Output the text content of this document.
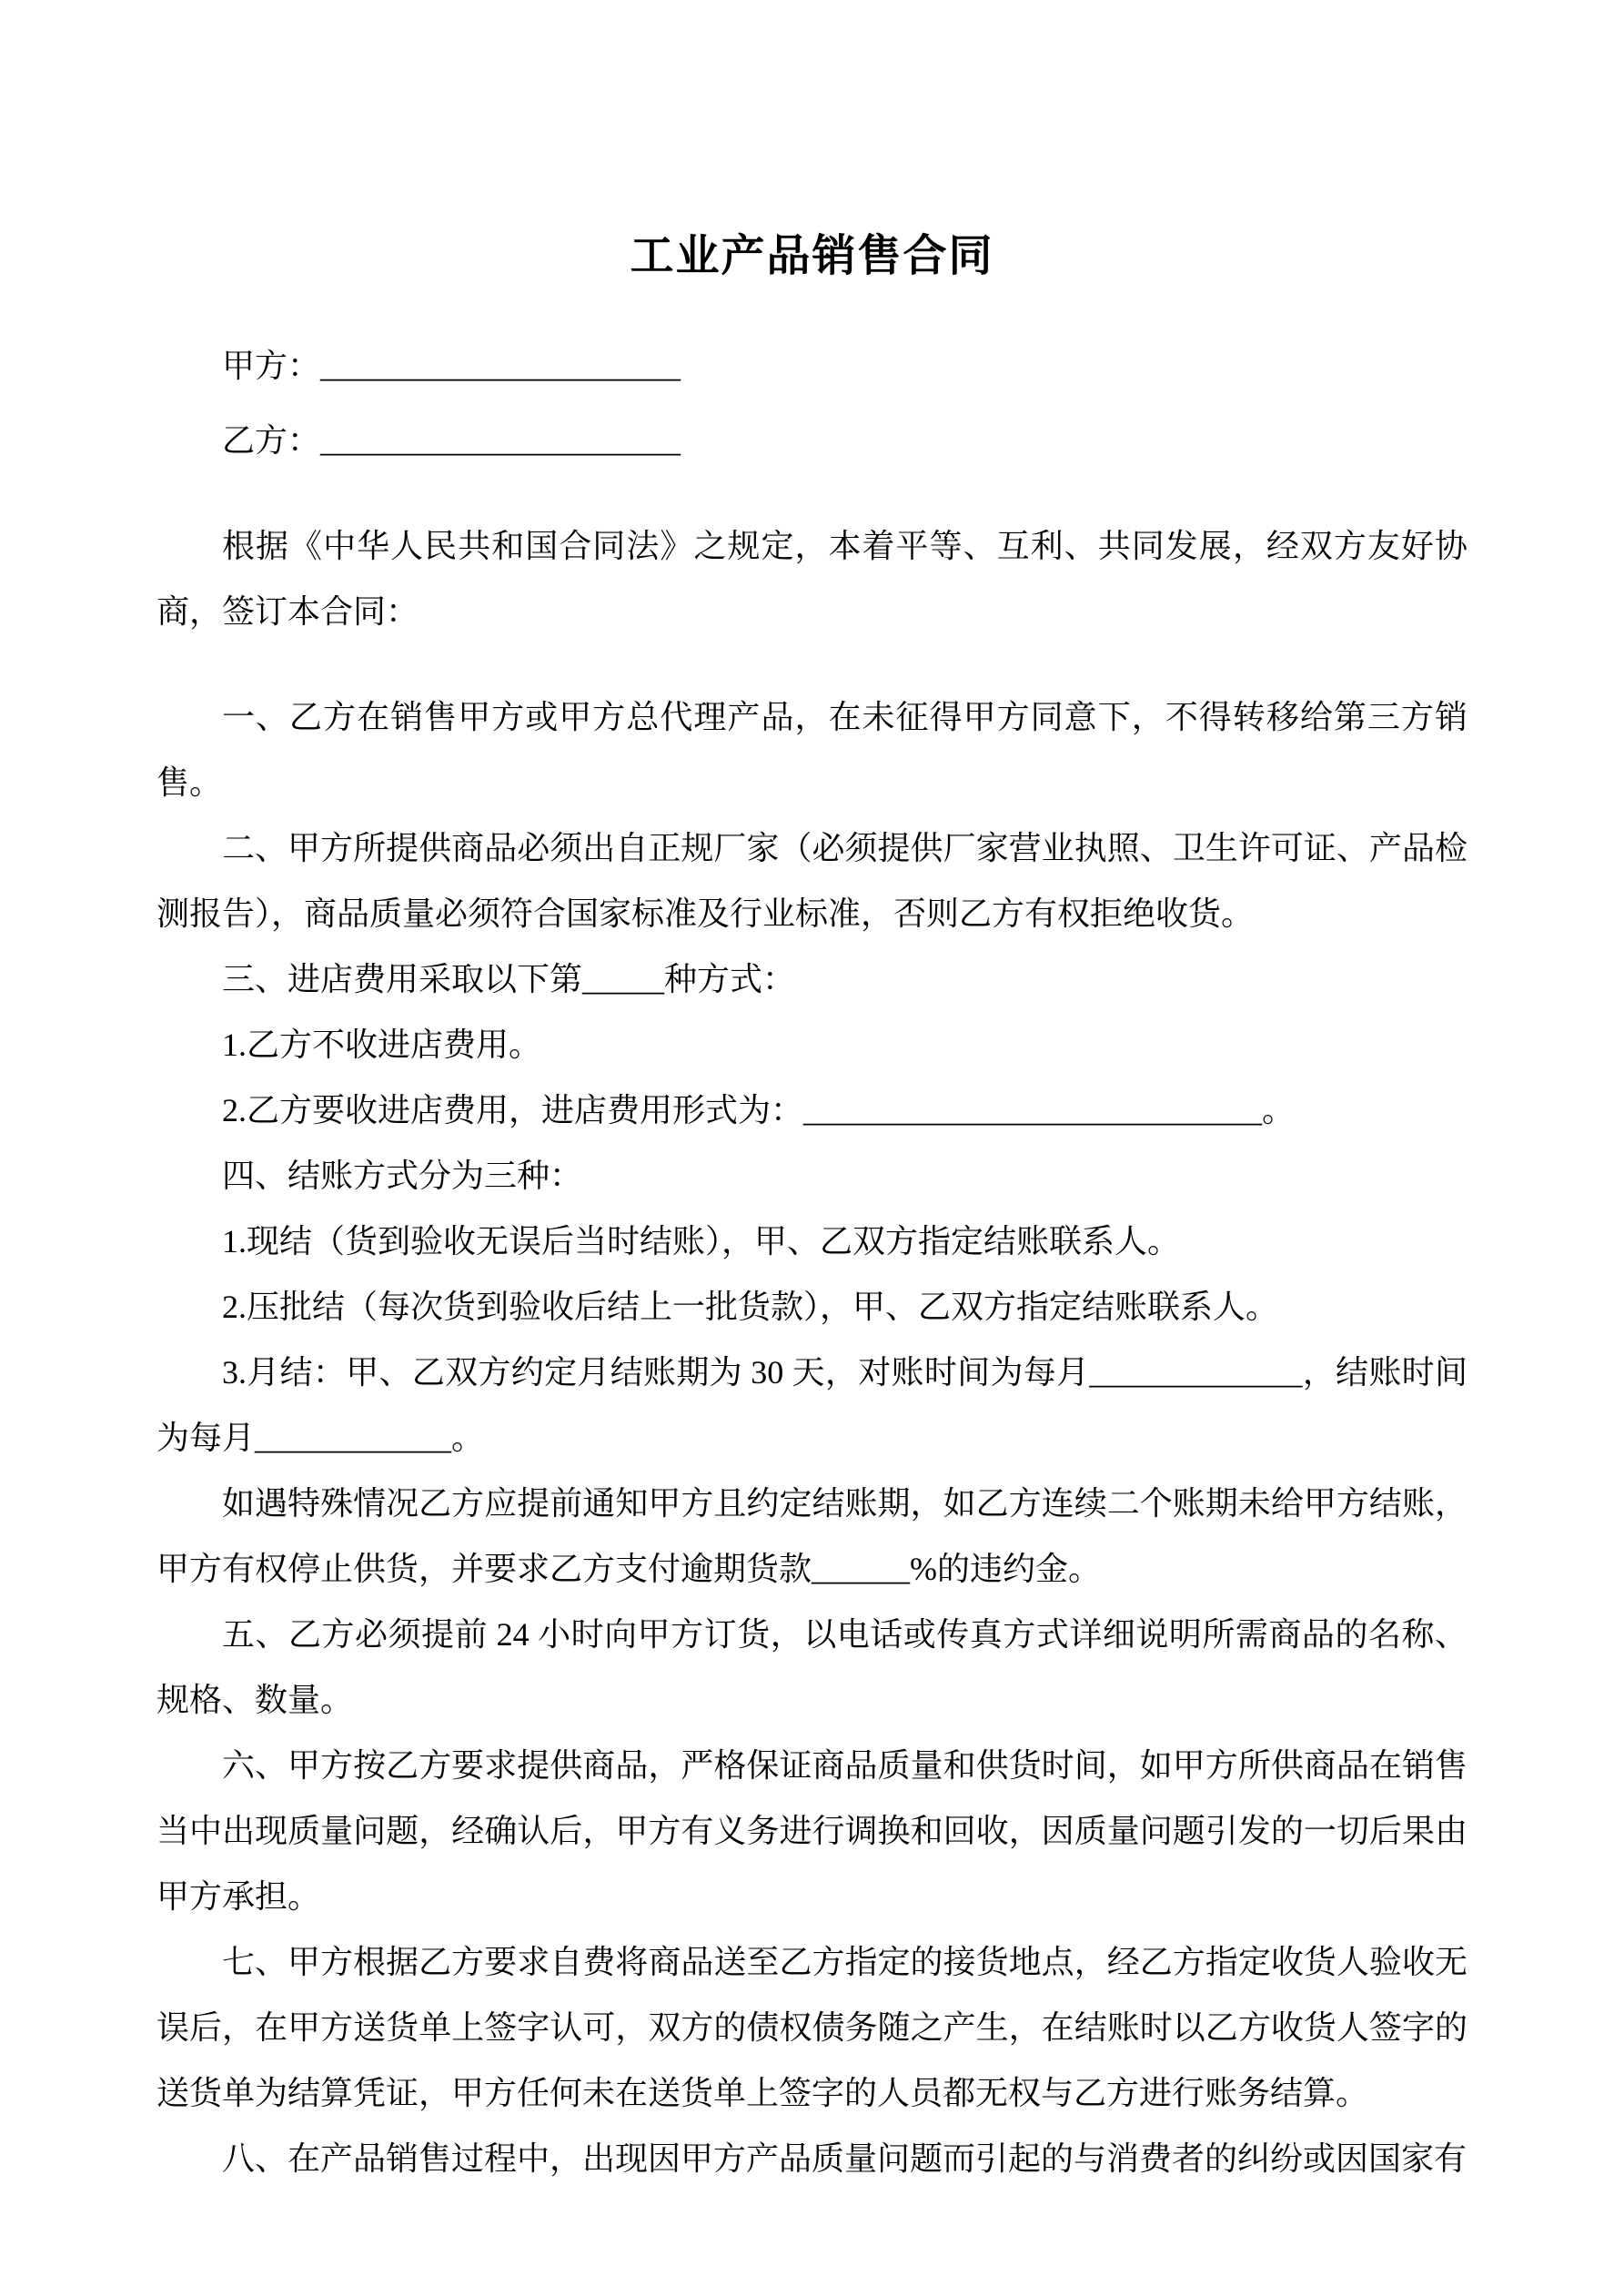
工业产品销售合同

甲方：______________________

乙方：______________________

根据《中华人民共和国合同法》之规定，本着平等、互利、共同发展，经双方友好协商，签订本合同：

一、乙方在销售甲方或甲方总代理产品，在未征得甲方同意下，不得转移给第三方销售。

二、甲方所提供商品必须出自正规厂家（必须提供厂家营业执照、卫生许可证、产品检测报告），商品质量必须符合国家标准及行业标准，否则乙方有权拒绝收货。

三、进店费用采取以下第_____种方式：

1.乙方不收进店费用。

2.乙方要收进店费用，进店费用形式为：____________________________。

四、结账方式分为三种：

1.现结（货到验收无误后当时结账），甲、乙双方指定结账联系人。

2.压批结（每次货到验收后结上一批货款），甲、乙双方指定结账联系人。

3.月结：甲、乙双方约定月结账期为 30 天，对账时间为每月_____________，结账时间为每月____________。

如遇特殊情况乙方应提前通知甲方且约定结账期，如乙方连续二个账期未给甲方结账，甲方有权停止供货，并要求乙方支付逾期货款______%的违约金。

五、乙方必须提前 24 小时向甲方订货，以电话或传真方式详细说明所需商品的名称、规格、数量。

六、甲方按乙方要求提供商品，严格保证商品质量和供货时间，如甲方所供商品在销售当中出现质量问题，经确认后，甲方有义务进行调换和回收，因质量问题引发的一切后果由甲方承担。

七、甲方根据乙方要求自费将商品送至乙方指定的接货地点，经乙方指定收货人验收无误后，在甲方送货单上签字认可，双方的债权债务随之产生，在结账时以乙方收货人签字的送货单为结算凭证，甲方任何未在送货单上签字的人员都无权与乙方进行账务结算。

八、在产品销售过程中，出现因甲方产品质量问题而引起的与消费者的纠纷或因国家有
